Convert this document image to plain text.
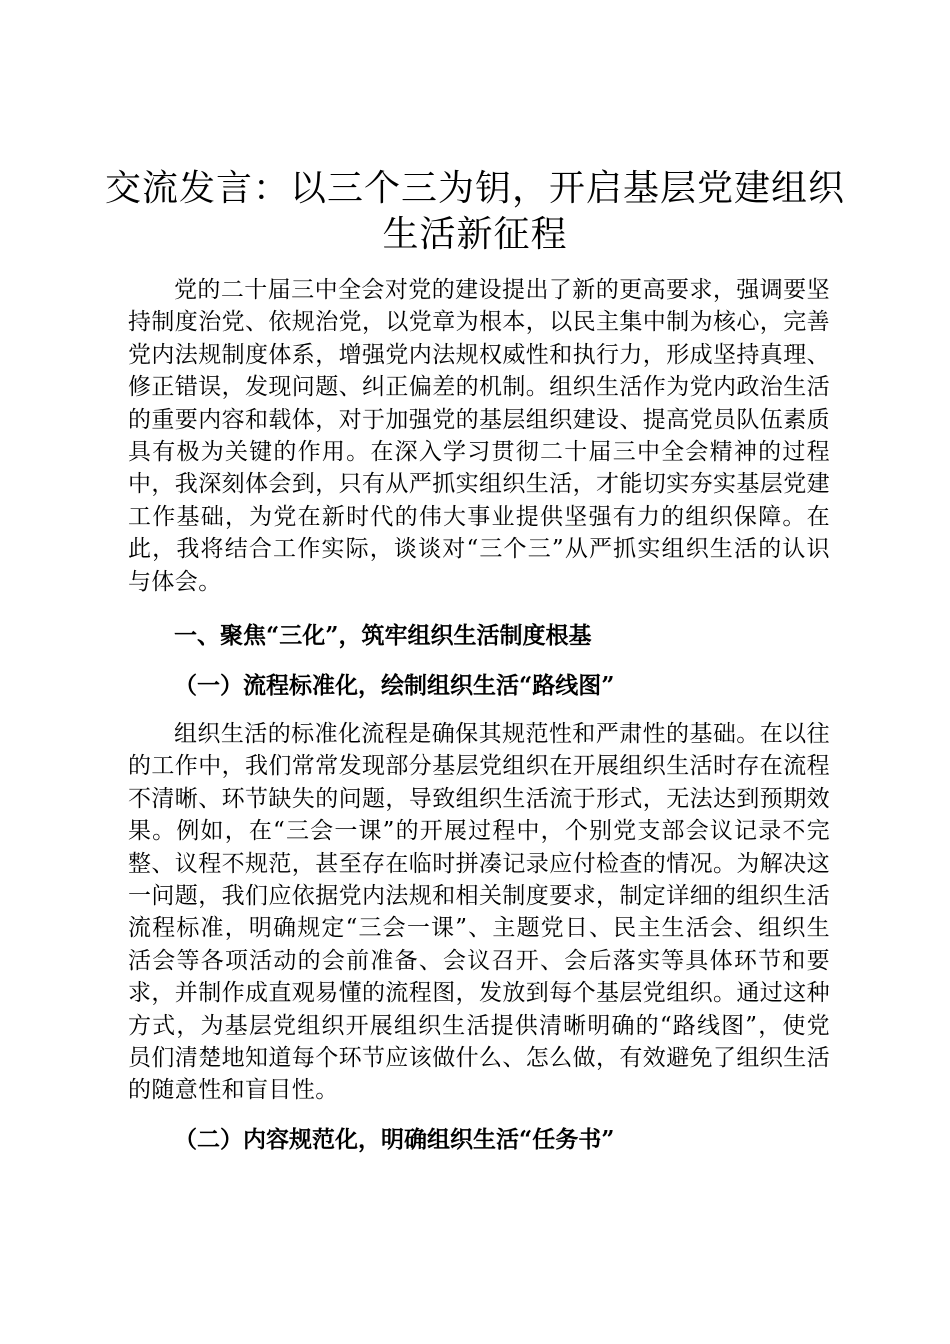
交流发言：以三个三为钥，开启基层党建组织生活新征程

党的二十届三中全会对党的建设提出了新的更高要求，强调要坚持制度治党、依规治党，以党章为根本，以民主集中制为核心，完善党内法规制度体系，增强党内法规权威性和执行力，形成坚持真理、修正错误，发现问题、纠正偏差的机制。组织生活作为党内政治生活的重要内容和载体，对于加强党的基层组织建设、提高党员队伍素质具有极为关键的作用。在深入学习贯彻二十届三中全会精神的过程中，我深刻体会到，只有从严抓实组织生活，才能切实夯实基层党建工作基础，为党在新时代的伟大事业提供坚强有力的组织保障。在此，我将结合工作实际，谈谈对“三个三”从严抓实组织生活的认识与体会。

一、聚焦“三化”，筑牢组织生活制度根基
（一）流程标准化，绘制组织生活“路线图”

组织生活的标准化流程是确保其规范性和严肃性的基础。在以往的工作中，我们常常发现部分基层党组织在开展组织生活时存在流程不清晰、环节缺失的问题，导致组织生活流于形式，无法达到预期效果。例如，在“三会一课”的开展过程中，个别党支部会议记录不完整、议程不规范，甚至存在临时拼凑记录应付检查的情况。为解决这一问题，我们应依据党内法规和相关制度要求，制定详细的组织生活流程标准，明确规定“三会一课”、主题党日、民主生活会、组织生活会等各项活动的会前准备、会议召开、会后落实等具体环节和要求，并制作成直观易懂的流程图，发放到每个基层党组织。通过这种方式，为基层党组织开展组织生活提供清晰明确的“路线图”，使党员们清楚地知道每个环节应该做什么、怎么做，有效避免了组织生活的随意性和盲目性。

（二）内容规范化，明确组织生活“任务书”
